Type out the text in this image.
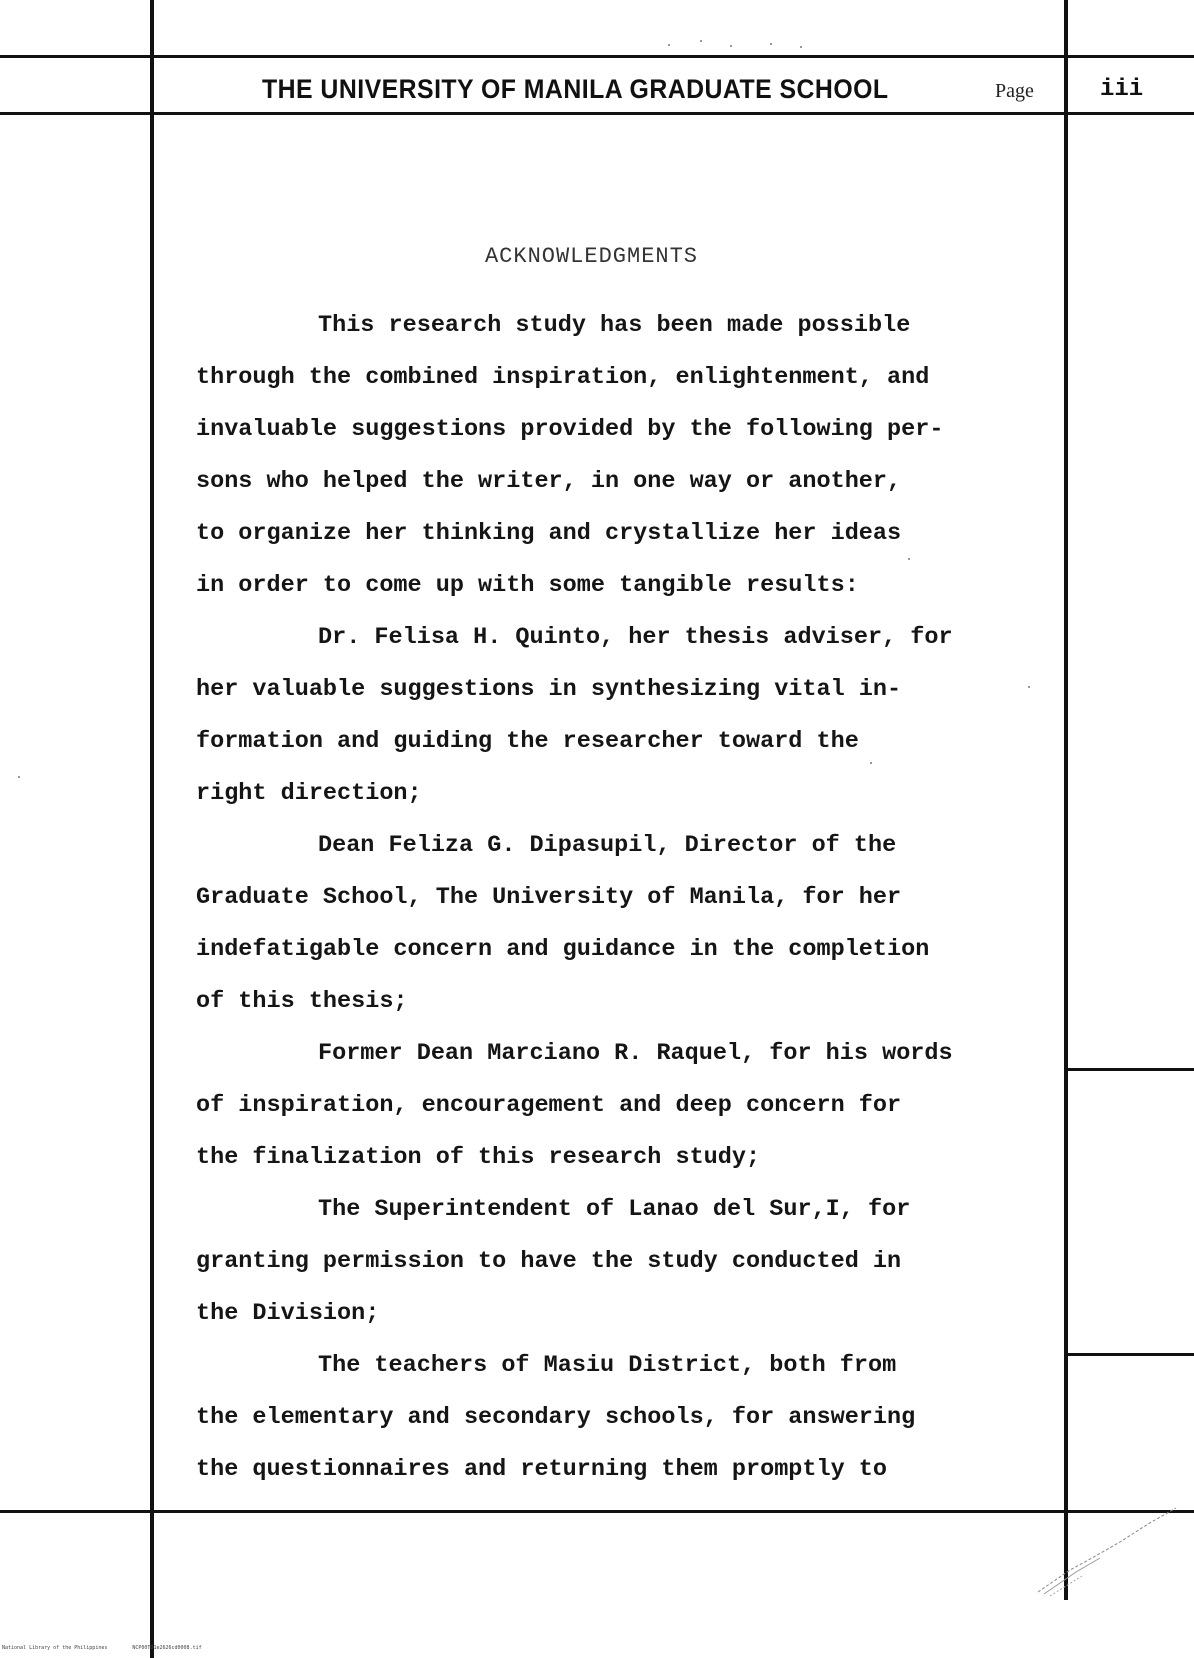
THE UNIVERSITY OF MANILA GRADUATE SCHOOL	Page	iii
ACKNOWLEDGMENTS
This research study has been made possible
through the combined inspiration, enlightenment, and
invaluable suggestions provided by the following per-
sons who helped the writer, in one way or another,
to organize her thinking and crystallize her ideas
in order to come up with some tangible results:
Dr. Felisa H. Quinto, her thesis adviser, for
her valuable suggestions in synthesizing vital in-
formation and guiding the researcher toward the
right direction;
Dean Feliza G. Dipasupil, Director of the
Graduate School, The University of Manila, for her
indefatigable concern and guidance in the completion
of this thesis;
Former Dean Marciano R. Raquel, for his words
of inspiration, encouragement and deep concern for
the finalization of this research study;
The Superintendent of Lanao del Sur,I, for
granting permission to have the study conducted in
the Division;
The teachers of Masiu District, both from
the elementary and secondary schools, for answering
the questionnaires and returning them promptly to
National Library of the Philippines	NCP00TD1e2626cd0008.tif
